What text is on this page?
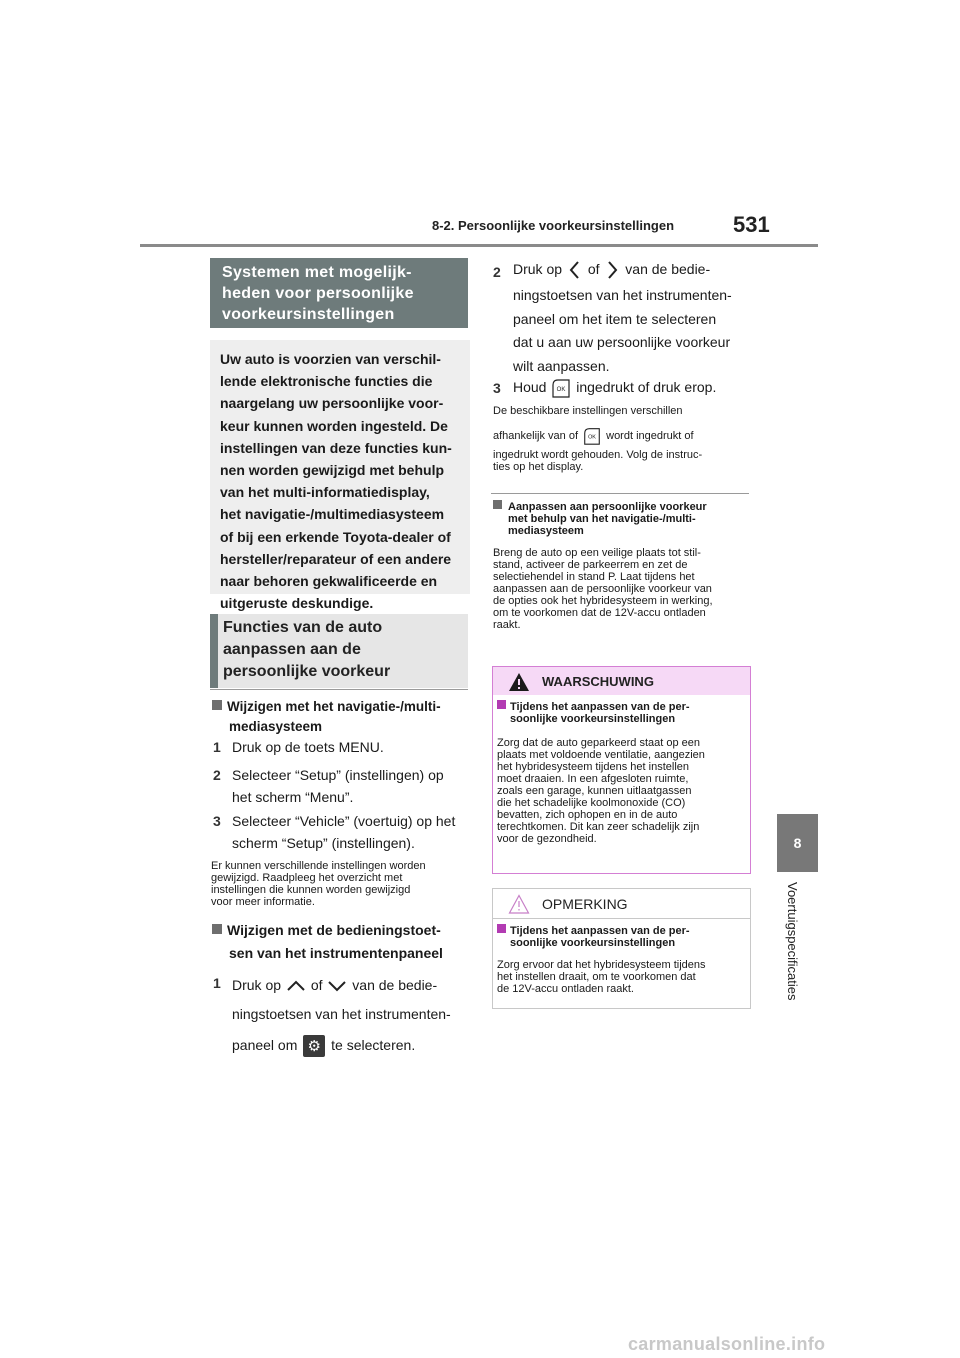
8-2. Persoonlijke voorkeursinstellingen	531
8
Voertuigspecificaties
Systemen met mogelijk-
heden voor persoonlijke
voorkeursinstellingen
Uw auto is voorzien van verschil-
lende elektronische functies die
naargelang uw persoonlijke voor-
keur kunnen worden ingesteld. De
instellingen van deze functies kun-
nen worden gewijzigd met behulp
van het multi-informatiedisplay,
het navigatie-/multimediasysteem
of bij een erkende Toyota-dealer of
hersteller/reparateur of een andere
naar behoren gekwalificeerde en
uitgeruste deskundige.
Functies van de auto
aanpassen aan de
persoonlijke voorkeur
Wijzigen met het navigatie-/multi-
mediasysteem
1 Druk op de toets MENU.
2 Selecteer “Setup” (instellingen) op
het scherm “Menu”.
3 Selecteer “Vehicle” (voertuig) op het
scherm “Setup” (instellingen).
Er kunnen verschillende instellingen worden
gewijzigd. Raadpleeg het overzicht met
instellingen die kunnen worden gewijzigd
voor meer informatie.
Wijzigen met de bedieningstoet-
sen van het instrumentenpaneel
1 Druk op of van de bedie-
ningstoetsen van het instrumenten-
paneel om ⚙ te selecteren.
2 Druk op of van de bedie-
ningstoetsen van het instrumenten-
paneel om het item te selecteren
dat u aan uw persoonlijke voorkeur
wilt aanpassen.
3 Houd OK ingedrukt of druk erop.
De beschikbare instellingen verschillen
afhankelijk van of OK wordt ingedrukt of
ingedrukt wordt gehouden. Volg de instruc-
ties op het display.
Aanpassen aan persoonlijke voorkeur
met behulp van het navigatie-/multi-
mediasysteem
Breng de auto op een veilige plaats tot stil-
stand, activeer de parkeerrem en zet de
selectiehendel in stand P. Laat tijdens het
aanpassen aan de persoonlijke voorkeur van
de opties ook het hybridesysteem in werking,
om te voorkomen dat de 12V-accu ontladen
raakt.
WAARSCHUWING
Tijdens het aanpassen van de per-
soonlijke voorkeursinstellingen
Zorg dat de auto geparkeerd staat op een
plaats met voldoende ventilatie, aangezien
het hybridesysteem tijdens het instellen
moet draaien. In een afgesloten ruimte,
zoals een garage, kunnen uitlaatgassen
die het schadelijke koolmonoxide (CO)
bevatten, zich ophopen en in de auto
terechtkomen. Dit kan zeer schadelijk zijn
voor de gezondheid.
OPMERKING
Tijdens het aanpassen van de per-
soonlijke voorkeursinstellingen
Zorg ervoor dat het hybridesysteem tijdens
het instellen draait, om te voorkomen dat
de 12V-accu ontladen raakt.
carmanualsonline.info
